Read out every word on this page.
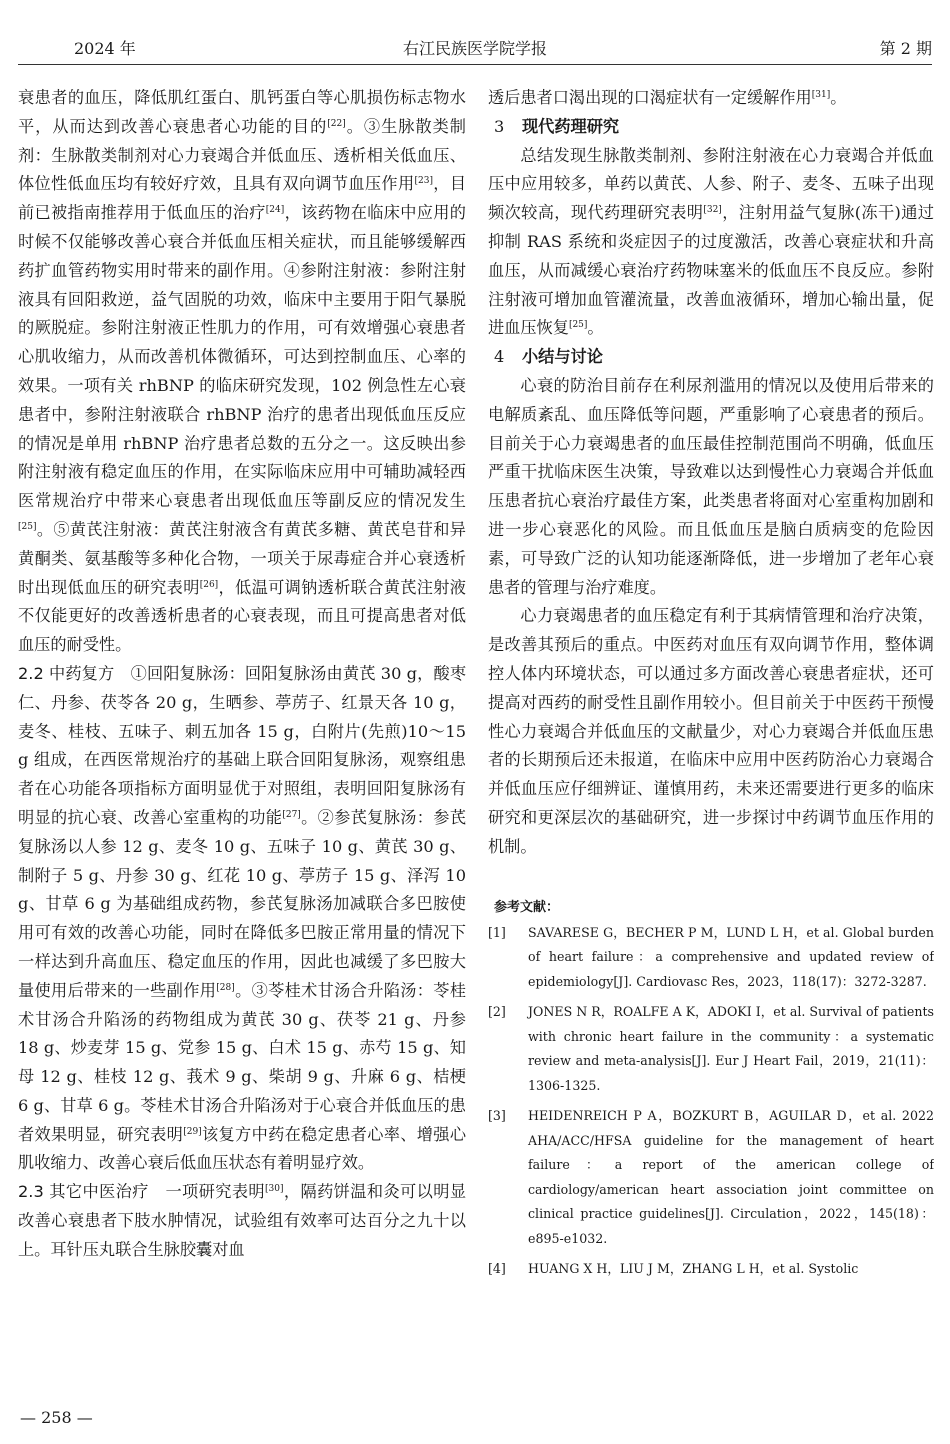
2024 年	右江民族医学院学报	第 2 期

衰患者的血压，降低肌红蛋白、肌钙蛋白等心肌损伤标志物水平，从而达到改善心衰患者心功能的目的[22]。③生脉散类制剂：生脉散类制剂对心力衰竭合并低血压、透析相关低血压、体位性低血压均有较好疗效，且具有双向调节血压作用[23]，目前已被指南推荐用于低血压的治疗[24]，该药物在临床中应用的时候不仅能够改善心衰合并低血压相关症状，而且能够缓解西药扩血管药物实用时带来的副作用。④参附注射液：参附注射液具有回阳救逆，益气固脱的功效，临床中主要用于阳气暴脱的厥脱症。参附注射液正性肌力的作用，可有效增强心衰患者心肌收缩力，从而改善机体微循环，可达到控制血压、心率的效果。一项有关 rhBNP 的临床研究发现，102 例急性左心衰患者中，参附注射液联合 rhBNP 治疗的患者出现低血压反应的情况是单用 rhBNP 治疗患者总数的五分之一。这反映出参附注射液有稳定血压的作用，在实际临床应用中可辅助减轻西医常规治疗中带来心衰患者出现低血压等副反应的情况发生[25]。⑤黄芪注射液：黄芪注射液含有黄芪多糖、黄芪皂苷和异黄酮类、氨基酸等多种化合物，一项关于尿毒症合并心衰透析时出现低血压的研究表明[26]，低温可调钠透析联合黄芪注射液不仅能更好的改善透析患者的心衰表现，而且可提高患者对低血压的耐受性。

2.2 中药复方　 ①回阳复脉汤：回阳复脉汤由黄芪 30 g，酸枣仁、丹参、茯苓各 20 g，生晒参、葶苈子、红景天各 10 g，麦冬、桂枝、五味子、刺五加各 15 g，白附片(先煎)10～15 g 组成，在西医常规治疗的基础上联合回阳复脉汤，观察组患者在心功能各项指标方面明显优于对照组，表明回阳复脉汤有明显的抗心衰、改善心室重构的功能[27]。②参芪复脉汤：参芪复脉汤以人参 12 g、麦冬 10 g、五味子 10 g、黄芪 30 g、制附子 5 g、丹参 30 g、红花 10 g、葶苈子 15 g、泽泻 10 g、甘草 6 g 为基础组成药物，参芪复脉汤加减联合多巴胺使用可有效的改善心功能，同时在降低多巴胺正常用量的情况下一样达到升高血压、稳定血压的作用，因此也减缓了多巴胺大量使用后带来的一些副作用[28]。③苓桂术甘汤合升陷汤：苓桂术甘汤合升陷汤的药物组成为黄芪 30 g、茯苓 21 g、丹参 18 g、炒麦芽 15 g、党参 15 g、白术 15 g、赤芍 15 g、知母 12 g、桂枝 12 g、莪术 9 g、柴胡 9 g、升麻 6 g、桔梗 6 g、甘草 6 g。苓桂术甘汤合升陷汤对于心衰合并低血压的患者效果明显，研究表明[29]该复方中药在稳定患者心率、增强心肌收缩力、改善心衰后低血压状态有着明显疗效。

2.3 其它中医治疗　 一项研究表明[30]，隔药饼温和灸可以明显改善心衰患者下肢水肿情况，试验组有效率可达百分之九十以上。耳针压丸联合生脉胶囊对血

透后患者口渴出现的口渴症状有一定缓解作用[31]。

3 现代药理研究

总结发现生脉散类制剂、参附注射液在心力衰竭合并低血压中应用较多，单药以黄芪、人参、附子、麦冬、五味子出现频次较高，现代药理研究表明[32]，注射用益气复脉(冻干)通过抑制 RAS 系统和炎症因子的过度激活，改善心衰症状和升高血压，从而减缓心衰治疗药物味塞米的低血压不良反应。参附注射液可增加血管灌流量，改善血液循环，增加心输出量，促进血压恢复[25]。

4 小结与讨论

心衰的防治目前存在利尿剂滥用的情况以及使用后带来的电解质紊乱、血压降低等问题，严重影响了心衰患者的预后。目前关于心力衰竭患者的血压最佳控制范围尚不明确，低血压严重干扰临床医生决策，导致难以达到慢性心力衰竭合并低血压患者抗心衰治疗最佳方案，此类患者将面对心室重构加剧和进一步心衰恶化的风险。而且低血压是脑白质病变的危险因素，可导致广泛的认知功能逐渐降低，进一步增加了老年心衰患者的管理与治疗难度。

心力衰竭患者的血压稳定有利于其病情管理和治疗决策，是改善其预后的重点。中医药对血压有双向调节作用，整体调控人体内环境状态，可以通过多方面改善心衰患者症状，还可提高对西药的耐受性且副作用较小。但目前关于中医药干预慢性心力衰竭合并低血压的文献量少，对心力衰竭合并低血压患者的长期预后还未报道，在临床中应用中医药防治心力衰竭合并低血压应仔细辨证、谨慎用药，未来还需要进行更多的临床研究和更深层次的基础研究，进一步探讨中药调节血压作用的机制。

参考文献：
[1]	SAVARESE G，BECHER P M，LUND L H，et al. Global burden of heart failure：a comprehensive and updated review of epidemiology[J]. Cardiovasc Res，2023，118(17)：3272-3287.
[2]	JONES N R，ROALFE A K，ADOKI I，et al. Survival of patients with chronic heart failure in the community：a systematic review and meta-analysis[J]. Eur J Heart Fail，2019，21(11)：1306-1325.
[3]	HEIDENREICH P A，BOZKURT B，AGUILAR D，et al. 2022 AHA/ACC/HFSA guideline for the management of heart failure：a report of the american college of cardiology/american heart association joint committee on clinical practice guidelines[J]. Circulation，2022，145(18)：e895-e1032.
[4]	HUANG X H，LIU J M，ZHANG L H，et al. Systolic
— 258 —
